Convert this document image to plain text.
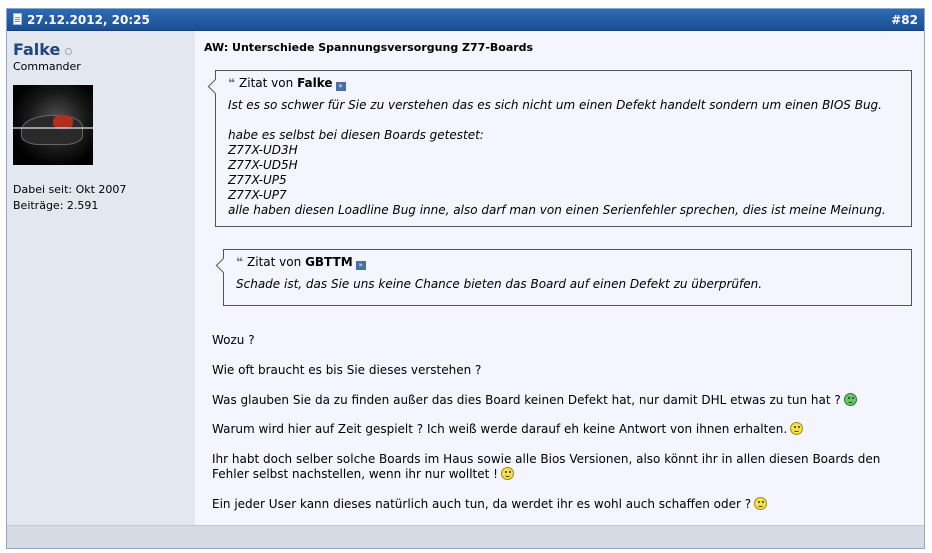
27.12.2012, 20:25	#82
Falke
Commander
Dabei seit: Okt 2007
Beiträge: 2.591
AW: Unterschiede Spannungsversorgung Z77-Boards
❝ Zitat von Falke »
Ist es so schwer für Sie zu verstehen das es sich nicht um einen Defekt handelt sondern um einen BIOS Bug.

habe es selbst bei diesen Boards getestet:
Z77X-UD3H
Z77X-UD5H
Z77X-UP5
Z77X-UP7
alle haben diesen Loadline Bug inne, also darf man von einen Serienfehler sprechen, dies ist meine Meinung.
❝ Zitat von GBTTM »
Schade ist, das Sie uns keine Chance bieten das Board auf einen Defekt zu überprüfen.
Wozu ?
Wie oft braucht es bis Sie dieses verstehen ?
Was glauben Sie da zu finden außer das dies Board keinen Defekt hat, nur damit DHL etwas zu tun hat ?
Warum wird hier auf Zeit gespielt ? Ich weiß werde darauf eh keine Antwort von ihnen erhalten.
Ihr habt doch selber solche Boards im Haus sowie alle Bios Versionen, also könnt ihr in allen diesen Boards den
Fehler selbst nachstellen, wenn ihr nur wolltet !
Ein jeder User kann dieses natürlich auch tun, da werdet ihr es wohl auch schaffen oder ?
